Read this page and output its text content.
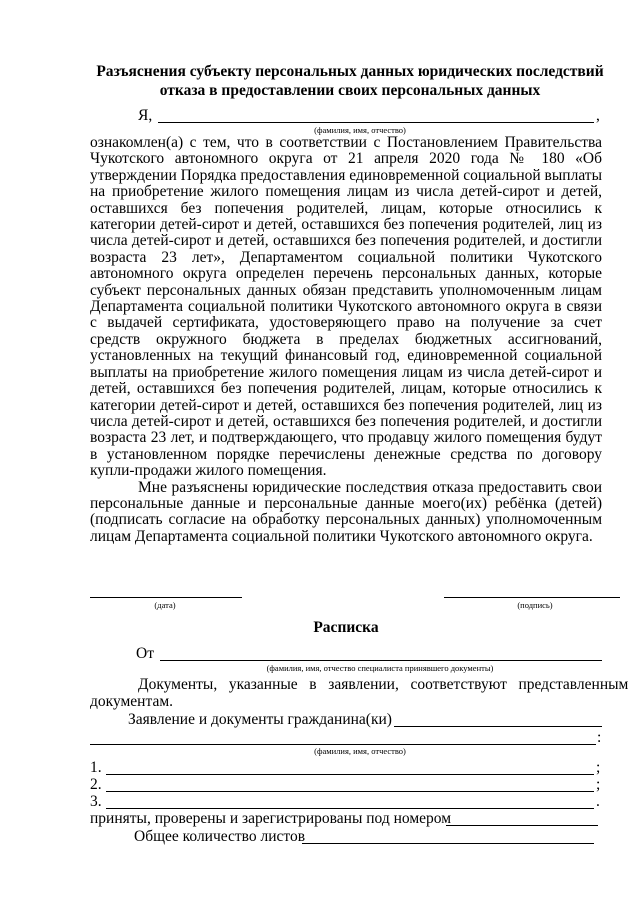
Разъяснения субъекту персональных данных юридических последствий
отказа в предоставлении своих персональных данных
Я,	,
(фамилия, имя, отчество)

ознакомлен(а) с тем, что в соответствии с Постановлением Правительства Чукотского автономного округа от 21 апреля 2020 года № 180 «Об утверждении Порядка предоставления единовременной социальной выплаты на приобретение жилого помещения лицам из числа детей-сирот и детей, оставшихся без попечения родителей, лицам, которые относились к категории детей-сирот и детей, оставшихся без попечения родителей, лиц из числа детей-сирот и детей, оставшихся без попечения родителей, и достигли возраста 23 лет», Департаментом социальной политики Чукотского автономного округа определен перечень персональных данных, которые субъект персональных данных обязан представить уполномоченным лицам Департамента социальной политики Чукотского автономного округа в связи с выдачей сертификата, удостоверяющего право на получение за счет средств окружного бюджета в пределах бюджетных ассигнований, установленных на текущий финансовый год, единовременной социальной выплаты на приобретение жилого помещения лицам из числа детей-сирот и детей, оставшихся без попечения родителей, лицам, которые относились к категории детей-сирот и детей, оставшихся без попечения родителей, лиц из числа детей-сирот и детей, оставшихся без попечения родителей, и достигли возраста 23 лет, и подтверждающего, что продавцу жилого помещения будут в установленном порядке перечислены денежные средства по договору купли-продажи жилого помещения.

Мне разъяснены юридические последствия отказа предоставить свои персональные данные и персональные данные моего(их) ребёнка (детей) (подписать согласие на обработку персональных данных) уполномоченным лицам Департамента социальной политики Чукотского автономного округа.

(дата)	(подпись)
Расписка
От
(фамилия, имя, отчество специалиста принявшего документы)
Документы,   указанные   в   заявлении,   соответствуют   представленным
документам.
Заявление и документы гражданина(ки)
:
(фамилия, имя, отчество)
1.	;
2.	;
3.	.
приняты, проверены и зарегистрированы под номером
Общее количество листов
